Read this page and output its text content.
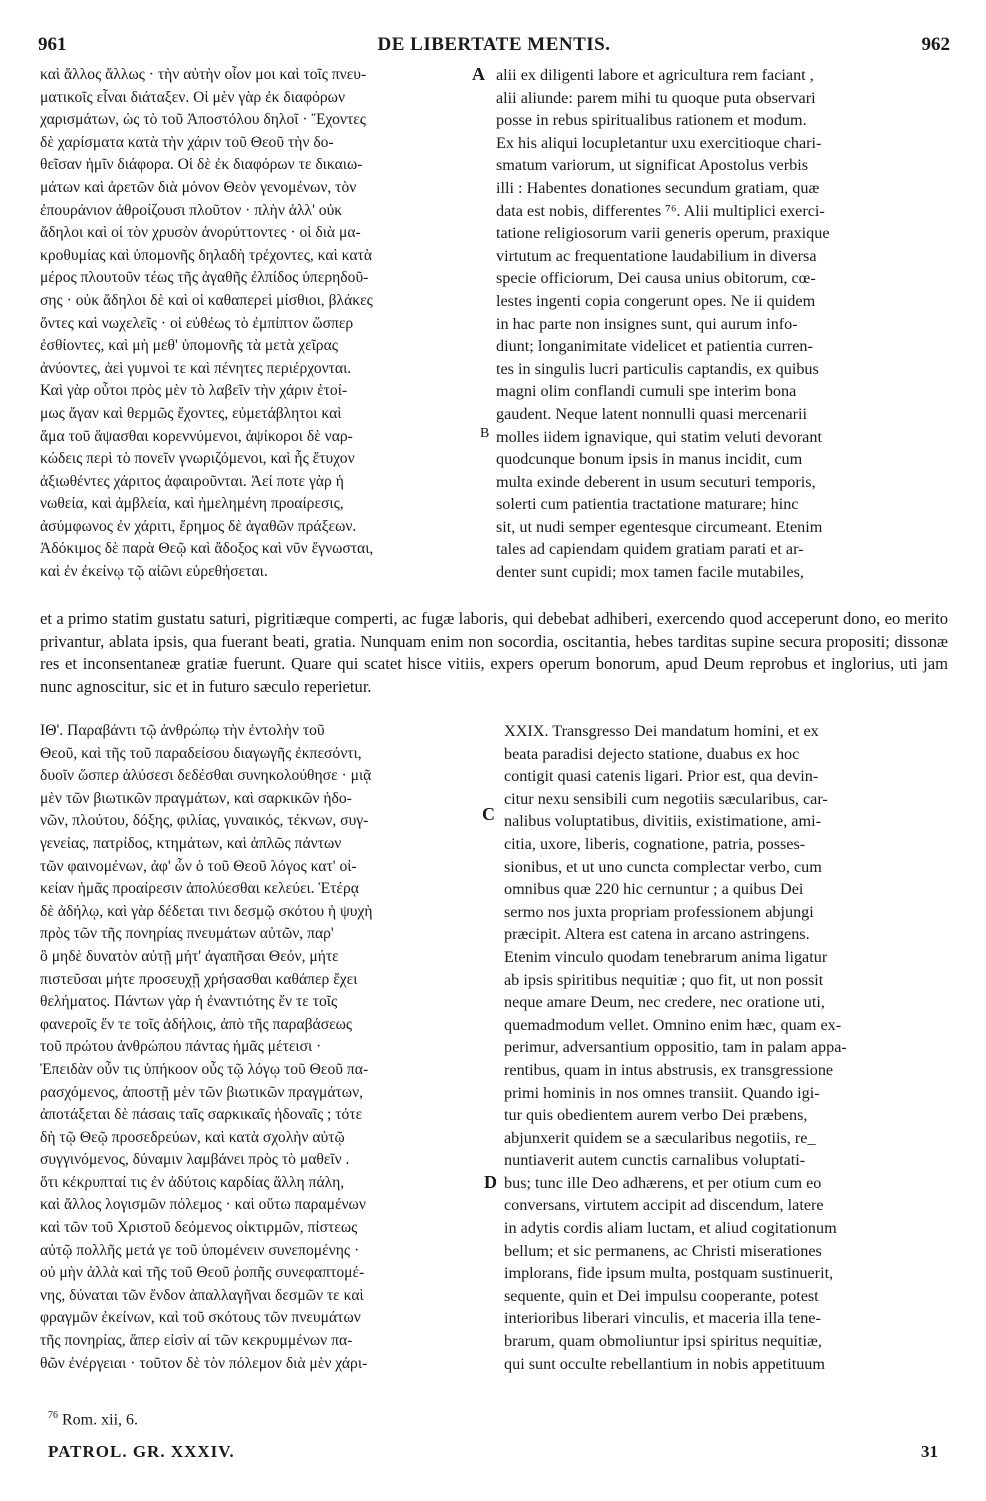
961	DE LIBERTATE MENTIS.	962

καὶ ἄλλος ἄλλως · τὴν αὐτὴν οἶον μοι καὶ τοῖς πνευ-
ματικοῖς εἶναι διάταξεν. Οἱ μὲν γὰρ ἐκ διαφόρων
χαρισμάτων, ὡς τὸ τοῦ Ἀποστόλου δηλοῖ · Ἔχοντες
δὲ χαρίσματα κατὰ τὴν χάριν τοῦ Θεοῦ τὴν δο-
θεῖσαν ἡμῖν διάφορα. Οἱ δὲ ἐκ διαφόρων τε δικαιω-
μάτων καὶ ἀρετῶν διὰ μόνον Θεὸν γενομένων, τὸν
ἐπουράνιον ἀθροίζουσι πλοῦτον · πλὴν ἀλλ' οὐκ
ἄδηλοι καὶ οἱ τὸν χρυσὸν ἀνορύττοντες · οἱ διὰ μα-
κροθυμίας καὶ ὑπομονῆς δηλαδὴ τρέχοντες, καὶ κατὰ
μέρος πλουτοῦν τέως τῆς ἀγαθῆς ἐλπίδος ὑπερηδοῦ-
σης · οὐκ ἄδηλοι δὲ καὶ οἱ καθαπερεὶ μίσθιοι, βλάκες
ὄντες καὶ νωχελεῖς · οἱ εὐθέως τὸ ἐμπίπτον ὥσπερ
ἐσθίοντες, καὶ μὴ μεθ' ὑπομονῆς τὰ μετὰ χεῖρας
ἀνύοντες, ἀεὶ γυμνοὶ τε καὶ πένητες περιέρχονται.
Καὶ γὰρ οὗτοι πρὸς μὲν τὸ λαβεῖν τὴν χάριν ἑτοί-
μως ἄγαν καὶ θερμῶς ἔχοντες, εὐμετάβλητοι καὶ
ἅμα τοῦ ἅψασθαι κορεννύμενοι, ἀψίκοροι δὲ ναρ-
κώδεις περὶ τὸ πονεῖν γνωριζόμενοι, καὶ ἧς ἔτυχον
ἀξιωθέντες χάριτος ἀφαιροῦνται. Ἀεί ποτε γὰρ ἡ
νωθεία, καὶ ἀμβλεία, καὶ ἠμελημένη προαίρεσις,
ἀσύμφωνος ἐν χάριτι, ἔρημος δὲ ἀγαθῶν πράξεων.
Ἀδόκιμος δὲ παρὰ Θεῷ καὶ ἄδοξος καὶ νῦν ἔγνωσται,
καὶ ἐν ἐκείνῳ τῷ αἰῶνι εὑρεθήσεται.

A
B

alii ex diligenti labore et agricultura rem faciant ,
alii aliunde: parem mihi tu quoque puta observari
posse in rebus spiritualibus rationem et modum.
Ex his aliqui locupletantur uxu exercitioque chari-
smatum variorum, ut significat Apostolus verbis
illi : Habentes donationes secundum gratiam, quæ
data est nobis, differentes ⁷⁶. Alii multiplici exerci-
tatione religiosorum varii generis operum, praxique
virtutum ac frequentatione laudabilium in diversa
specie officiorum, Dei causa unius obitorum, cœ-
lestes ingenti copia congerunt opes. Ne ii quidem
in hac parte non insignes sunt, qui aurum info-
diunt; longanimitate videlicet et patientia curren-
tes in singulis lucri particulis captandis, ex quibus
magni olim conflandi cumuli spe interim bona
gaudent. Neque latent nonnulli quasi mercenarii
molles iidem ignavique, qui statim veluti devorant
quodcunque bonum ipsis in manus incidit, cum
multa exinde deberent in usum secuturi temporis,
solerti cum patientia tractatione maturare; hinc
sit, ut nudi semper egentesque circumeant. Etenim
tales ad capiendam quidem gratiam parati et ar-
denter sunt cupidi; mox tamen facile mutabiles,

et a primo statim gustatu saturi, pigritiæque comperti, ac fugæ laboris, qui debebat adhiberi, exercendo quod acceperunt dono, eo merito privantur, ablata ipsis, qua fuerant beati, gratia. Nunquam enim non socordia, oscitantia, hebes tarditas supine secura propositi; dissonæ res et inconsentaneæ gratiæ fuerunt. Quare qui scatet hisce vitiis, expers operum bonorum, apud Deum reprobus et inglorius, uti jam nunc agnoscitur, sic et in futuro sæculo reperietur.

ΙΘ'. Παραβάντι τῷ ἀνθρώπῳ τὴν ἐντολὴν τοῦ
Θεοῦ, καὶ τῆς τοῦ παραδείσου διαγωγῆς ἐκπεσόντι,
δυοῖν ὥσπερ ἁλύσεσι δεδέσθαι συνηκολούθησε · μιᾷ
μὲν τῶν βιωτικῶν πραγμάτων, καὶ σαρκικῶν ἡδο-
νῶν, πλούτου, δόξης, φιλίας, γυναικός, τέκνων, συγ-
γενείας, πατρίδος, κτημάτων, καὶ ἁπλῶς πάντων
τῶν φαινομένων, ἀφ' ὧν ὁ τοῦ Θεοῦ λόγος κατ' οἰ-
κείαν ἡμᾶς προαίρεσιν ἀπολύεσθαι κελεύει. Ἑτέρᾳ
δὲ ἀδήλῳ, καὶ γὰρ δέδεται τινι δεσμῷ σκότου ἡ ψυχὴ
πρὸς τῶν τῆς πονηρίας πνευμάτων αὐτῶν, παρ'
ὃ μηδὲ δυνατὸν αὐτῇ μήτ' ἀγαπῆσαι Θεόν, μήτε
πιστεῦσαι μήτε προσευχῇ χρήσασθαι καθάπερ ἔχει
θελήματος. Πάντων γὰρ ἡ ἐναντιότης ἔν τε τοῖς
φανεροῖς ἔν τε τοῖς ἀδήλοις, ἀπὸ τῆς παραβάσεως
τοῦ πρώτου ἀνθρώπου πάντας ἡμᾶς μέτεισι ·
Ἐπειδὰν οὖν τις ὑπήκοον οὖς τῷ λόγῳ τοῦ Θεοῦ πα-
ρασχόμενος, ἀποστῇ μὲν τῶν βιωτικῶν πραγμάτων,
ἀποτάξεται δὲ πάσαις ταῖς σαρκικαῖς ἡδοναῖς ; τότε
δὴ τῷ Θεῷ προσεδρεύων, καὶ κατὰ σχολὴν αὐτῷ
συγγινόμενος, δύναμιν λαμβάνει πρὸς τὸ μαθεῖν .
ὅτι κέκρυπταί τις ἐν ἀδύτοις καρδίας ἄλλη πάλη,
καὶ ἄλλος λογισμῶν πόλεμος · καὶ οὕτω παραμένων
καὶ τῶν τοῦ Χριστοῦ δεόμενος οἰκτιρμῶν, πίστεως
αὐτῷ πολλῆς μετά γε τοῦ ὑπομένειν συνεπομένης ·
οὐ μὴν ἀλλὰ καὶ τῆς τοῦ Θεοῦ ῥοπῆς συνεφαπτομέ-
νης, δύναται τῶν ἔνδον ἀπαλλαγῆναι δεσμῶν τε καὶ
φραγμῶν ἐκείνων, καὶ τοῦ σκότους τῶν πνευμάτων
τῆς πονηρίας, ἅπερ εἰσὶν αἱ τῶν κεκρυμμένων πα-
θῶν ἐνέργειαι · τοῦτον δὲ τὸν πόλεμον διὰ μὲν χάρι-

C
D

XXIX. Transgresso Dei mandatum homini, et ex
beata paradisi dejecto statione, duabus ex hoc
contigit quasi catenis ligari. Prior est, qua devin-
citur nexu sensibili cum negotiis sæcularibus, car-
nalibus voluptatibus, divitiis, existimatione, ami-
citia, uxore, liberis, cognatione, patria, posses-
sionibus, et ut uno cuncta complectar verbo, cum
omnibus quæ 220 hic cernuntur ; a quibus Dei
sermo nos juxta propriam professionem abjungi
præcipit. Altera est catena in arcano astringens.
Etenim vinculo quodam tenebrarum anima ligatur
ab ipsis spiritibus nequitiæ ; quo fit, ut non possit
neque amare Deum, nec credere, nec oratione uti,
quemadmodum vellet. Omnino enim hæc, quam ex-
perimur, adversantium oppositio, tam in palam appa-
rentibus, quam in intus abstrusis, ex transgressione
primi hominis in nos omnes transiit. Quando igi-
tur quis obedientem aurem verbo Dei præbens,
abjunxerit quidem se a sæcularibus negotiis, re_
nuntiaverit autem cunctis carnalibus voluptati-
bus; tunc ille Deo adhærens, et per otium cum eo
conversans, virtutem accipit ad discendum, latere
in adytis cordis aliam luctam, et aliud cogitationum
bellum; et sic permanens, ac Christi miserationes
implorans, fide ipsum multa, postquam sustinuerit,
sequente, quin et Dei impulsu cooperante, potest
interioribus liberari vinculis, et maceria illa tene-
brarum, quam obmoliuntur ipsi spiritus nequitiæ,
qui sunt occulte rebellantium in nobis appetituum

$^{76}$ Rom. xii, 6.
PATROL. GR. XXXIV.	31
